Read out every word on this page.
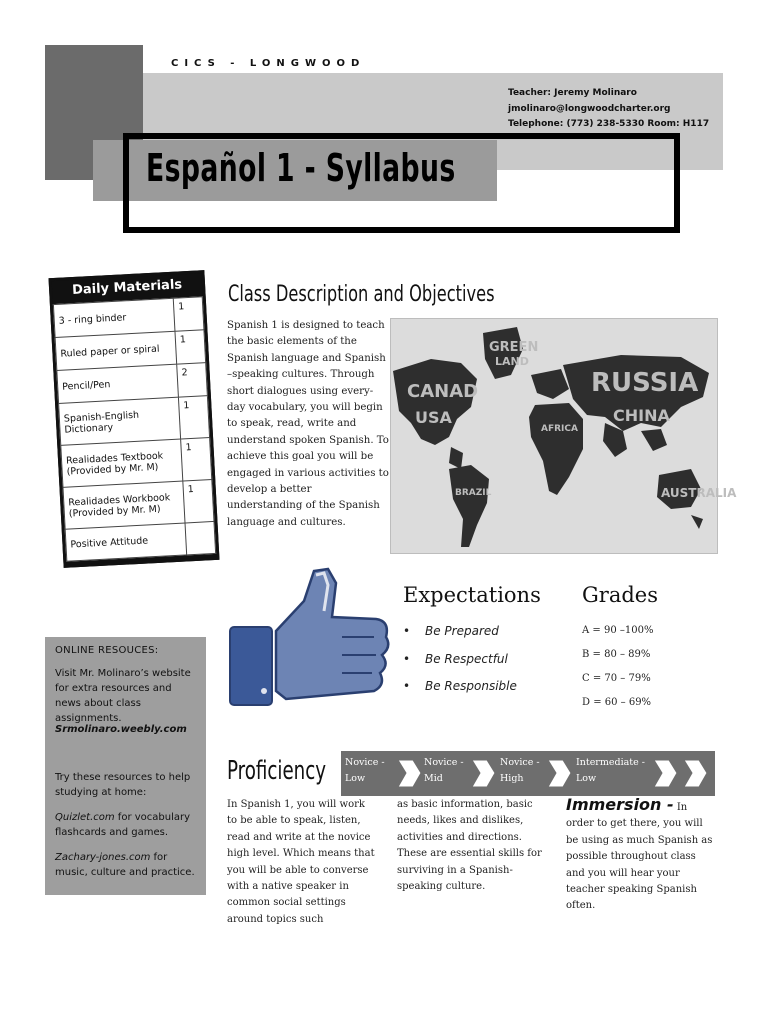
CICS - LONGWOOD
Teacher: Jeremy Molinaro
jmolinaro@longwoodcharter.org
Telephone: (773) 238-5330 Room: H117
Español 1 - Syllabus
Daily Materials
3 - ring binder	1
Ruled paper or spiral	1
Pencil/Pen	2
Spanish-English Dictionary	1
Realidades Textbook (Provided by Mr. M)	1
Realidades Workbook (Provided by Mr. M)	1
Positive Attitude	
Class Description and Objectives
Spanish 1 is designed to teach the basic elements of the Spanish language and Spanish –speaking cultures. Through short dialogues using every-day vocabulary, you will begin to speak, read, write and understand spoken Spanish. To achieve this goal you will be engaged in various activities to develop a better understanding of the Spanish language and cultures.
CANAD
USA
GREEN
LAND
RUSSIA
CHINA
AUSTRALIA
AFRICA
BRAZIL
Expectations
• Be Prepared
• Be Respectful
• Be Responsible
Grades
A = 90 –100%
B = 80 – 89%
C = 70 – 79%
D = 60 – 69%
ONLINE RESOUCES:
Visit Mr. Molinaro’s website for extra resources and news about class assignments.
Srmolinaro.weebly.com
Try these resources to help studying at home:
Quizlet.com for vocabulary flashcards and games.
Zachary-jones.com for music, culture and practice.
Proficiency Novice -
Low
Novice -
Mid
Novice -
High
Intermediate -
Low
In Spanish 1, you will work to be able to speak, listen, read and write at the novice high level. Which means that you will be able to converse with a native speaker in common social settings around topics such
as basic information, basic needs, likes and dislikes, activities and directions. These are essential skills for surviving in a Spanish-speaking culture.
Immersion - In order to get there, you will be using as much Spanish as possible throughout class and you will hear your teacher speaking Spanish often.
